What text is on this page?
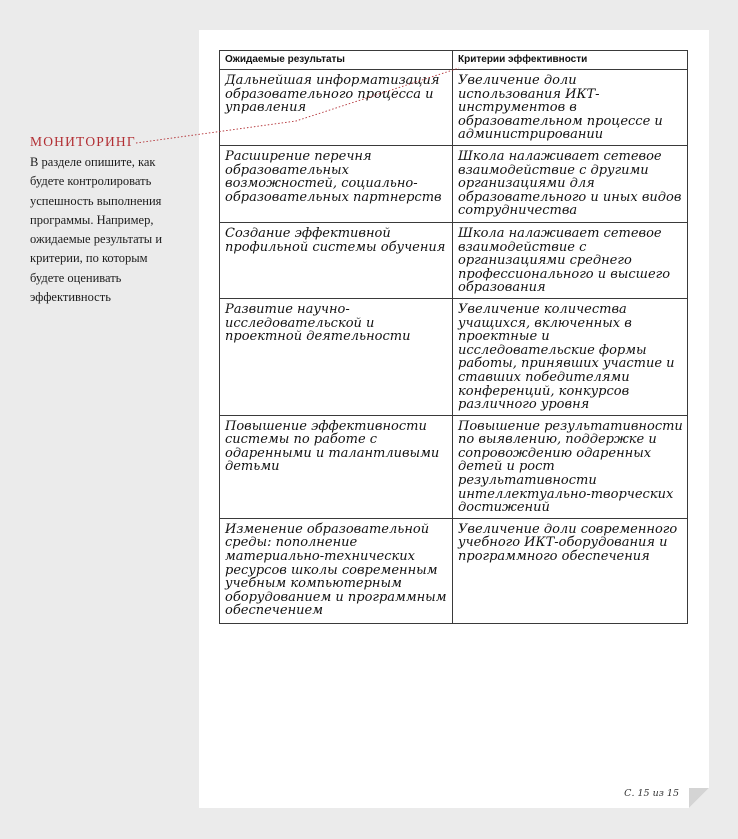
МОНИТОРИНГ

В разделе опишите, как будете контролировать успешность выполнения программы. Например, ожидаемые результаты и критерии, по которым будете оценивать эффективность

Ожидаемые результаты	Критерии эффективности
Дальнейшая информатизация образовательного процесса и управления	Увеличение доли использования ИКТ-инструментов в образовательном процессе и администрировании
Расширение перечня образовательных возможностей, социально-образовательных партнерств	Школа налаживает сетевое взаимодействие с другими организациями для образовательного и иных видов сотрудничества
Создание эффективной профильной системы обучения	Школа налаживает сетевое взаимодействие с организациями среднего профессионального и высшего образования
Развитие научно-исследовательской и проектной деятельности	Увеличение количества учащихся, включенных в проектные и исследовательские формы работы, принявших участие и ставших победителями конференций, конкурсов различного уровня
Повышение эффективности системы по работе с одаренными и талантливыми детьми	Повышение результативности по выявлению, поддержке и сопровождению одаренных детей и рост результативности интеллектуально-творческих достижений
Изменение образовательной среды: пополнение материально-технических ресурсов школы современным учебным компьютерным оборудованием и программным обеспечением	Увеличение доли современного учебного ИКТ-оборудования и программного обеспечения
С. 15 из 15
